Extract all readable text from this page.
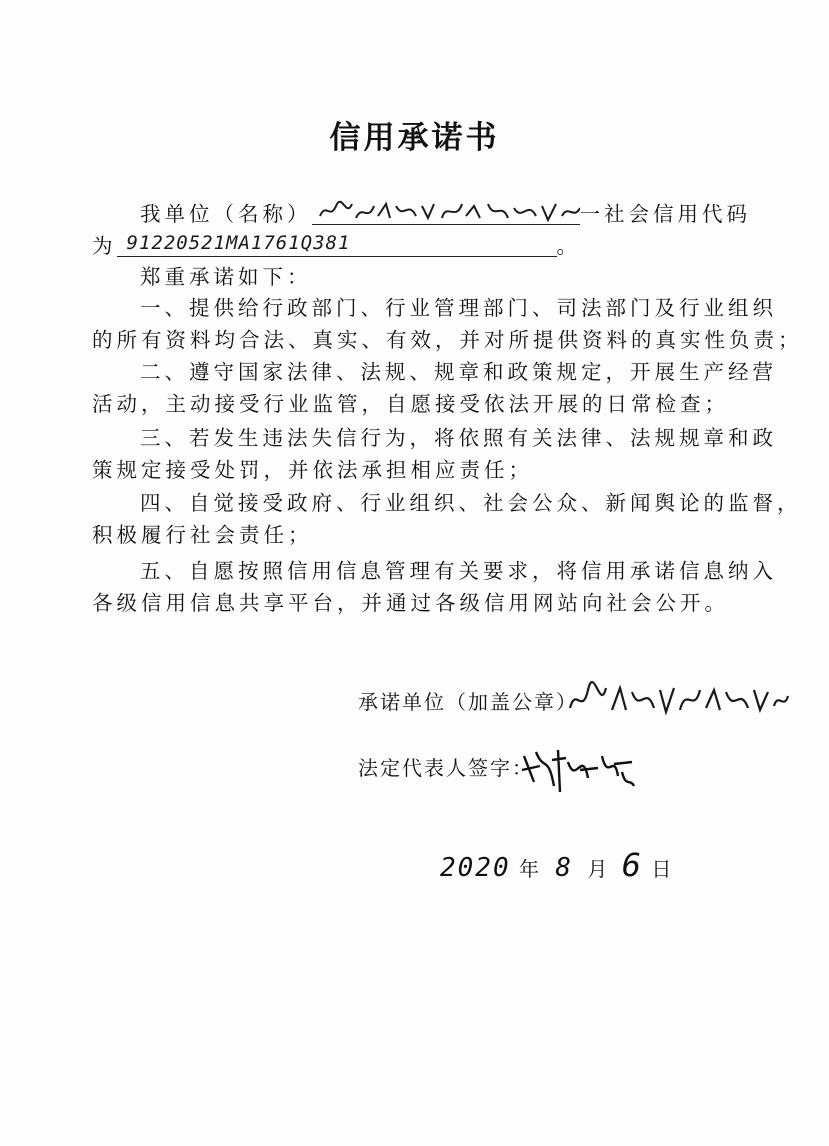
信用承诺书
我单位（名称）	一社会信用代码
为 91220521MA1761Q381	。
郑重承诺如下：
一、提供给行政部门、行业管理部门、司法部门及行业组织
的所有资料均合法、真实、有效，并对所提供资料的真实性负责；
二、遵守国家法律、法规、规章和政策规定，开展生产经营
活动，主动接受行业监管，自愿接受依法开展的日常检查；
三、若发生违法失信行为，将依照有关法律、法规规章和政
策规定接受处罚，并依法承担相应责任；
四、自觉接受政府、行业组织、社会公众、新闻舆论的监督，
积极履行社会责任；
五、自愿按照信用信息管理有关要求，将信用承诺信息纳入
各级信用信息共享平台，并通过各级信用网站向社会公开。
承诺单位（加盖公章）
法定代表人签字：
2020 年 8 月 6 日
